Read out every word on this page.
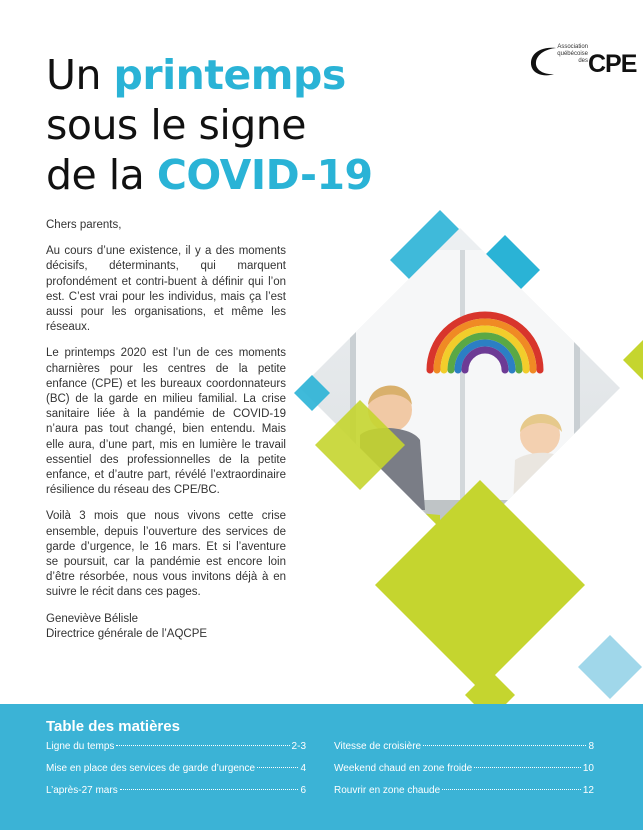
Un printemps
sous le signe
de la COVID-19
Association québécoise des CPE

Chers parents,

Au cours d’une existence, il y a des moments décisifs, déterminants, qui marquent profondément et contri-buent à définir qui l’on est. C’est vrai pour les individus, mais ça l’est aussi pour les organisations, et même les réseaux.

Le printemps 2020 est l’un de ces moments charnières pour les centres de la petite enfance (CPE) et les bureaux coordonnateurs (BC) de la garde en milieu familial. La crise sanitaire liée à la pandémie de COVID-19 n’aura pas tout changé, bien entendu. Mais elle aura, d’une part, mis en lumière le travail essentiel des professionnelles de la petite enfance, et d’autre part, révélé l’extraordinaire résilience du réseau des CPE/BC.

Voilà 3 mois que nous vivons cette crise ensemble, depuis l’ouverture des services de garde d’urgence, le 16 mars. Et si l’aventure se poursuit, car la pandémie est encore loin d’être résorbée, nous vous invitons déjà à en suivre le récit dans ces pages.

Geneviève Bélisle
Directrice générale de l’AQCPE

Table des matières
Ligne du temps	2-3
Mise en place des services de garde d’urgence	4
L’après-27 mars	6
Vitesse de croisière	8
Weekend chaud en zone froide	10
Rouvrir en zone chaude	12
